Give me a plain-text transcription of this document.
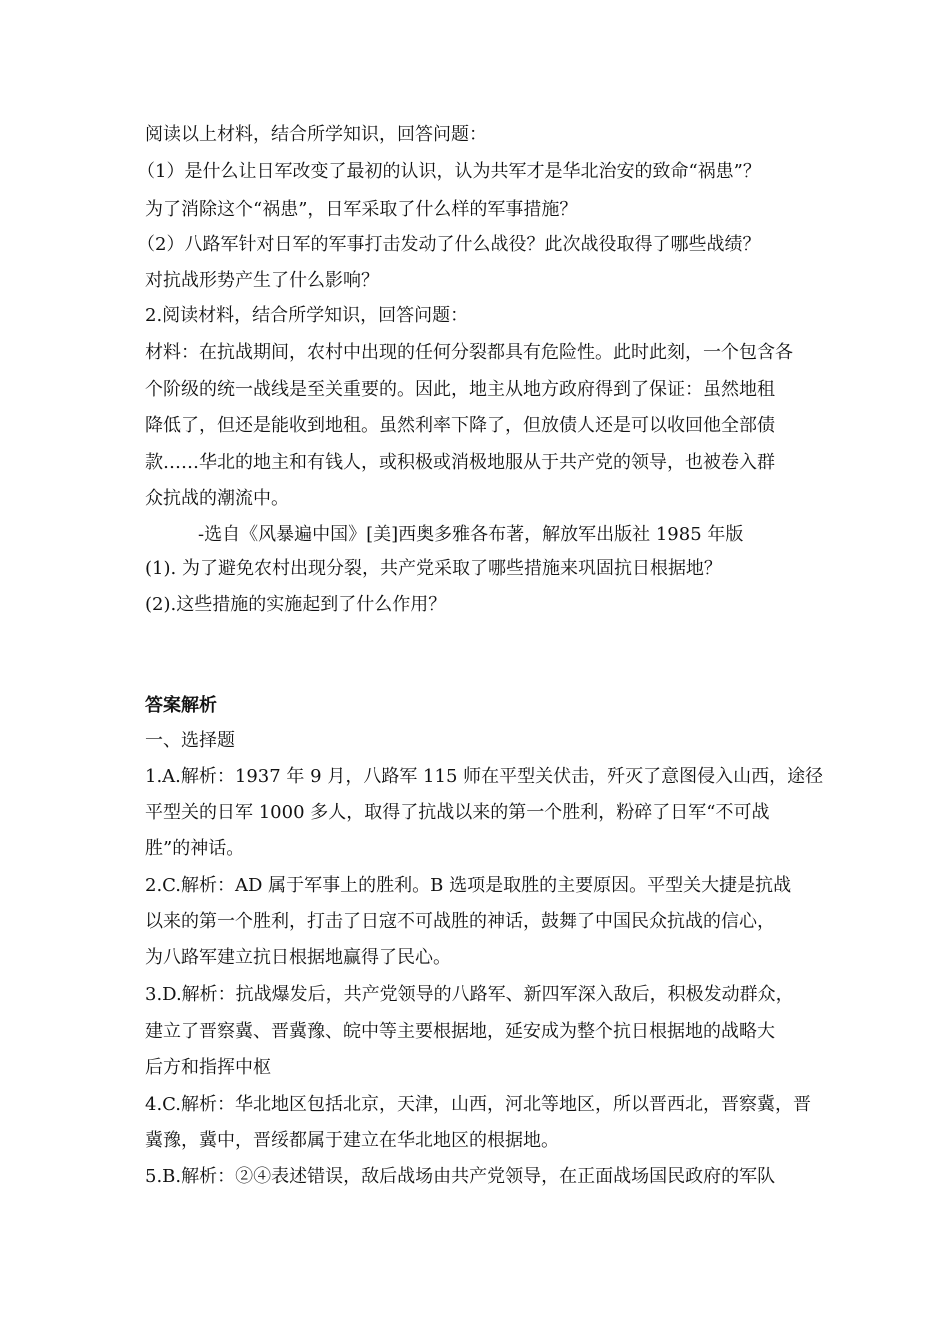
阅读以上材料，结合所学知识，回答问题：
（1）是什么让日军改变了最初的认识，认为共军才是华北治安的致命“祸患”？
为了消除这个“祸患”，日军采取了什么样的军事措施？
（2）八路军针对日军的军事打击发动了什么战役？此次战役取得了哪些战绩？
对抗战形势产生了什么影响？
2.阅读材料，结合所学知识，回答问题：
材料：在抗战期间，农村中出现的任何分裂都具有危险性。此时此刻，一个包含各
个阶级的统一战线是至关重要的。因此，地主从地方政府得到了保证：虽然地租
降低了，但还是能收到地租。虽然利率下降了，但放债人还是可以收回他全部债
款……华北的地主和有钱人，或积极或消极地服从于共产党的领导，也被卷入群
众抗战的潮流中。
-选自《风暴遍中国》[美]西奥多雅各布著，解放军出版社 1985 年版
(1). 为了避免农村出现分裂，共产党采取了哪些措施来巩固抗日根据地？
(2).这些措施的实施起到了什么作用？
答案解析
一、选择题
1.A.解析：1937 年 9 月，八路军 115 师在平型关伏击，歼灭了意图侵入山西，途径
平型关的日军 1000 多人，取得了抗战以来的第一个胜利，粉碎了日军“不可战
胜”的神话。
2.C.解析：AD 属于军事上的胜利。B 选项是取胜的主要原因。平型关大捷是抗战
以来的第一个胜利，打击了日寇不可战胜的神话，鼓舞了中国民众抗战的信心，
为八路军建立抗日根据地赢得了民心。
3.D.解析：抗战爆发后，共产党领导的八路军、新四军深入敌后，积极发动群众，
建立了晋察冀、晋冀豫、皖中等主要根据地，延安成为整个抗日根据地的战略大
后方和指挥中枢
4.C.解析：华北地区包括北京，天津，山西，河北等地区，所以晋西北，晋察冀，晋
冀豫，冀中，晋绥都属于建立在华北地区的根据地。
5.B.解析：②④表述错误，敌后战场由共产党领导，在正面战场国民政府的军队
